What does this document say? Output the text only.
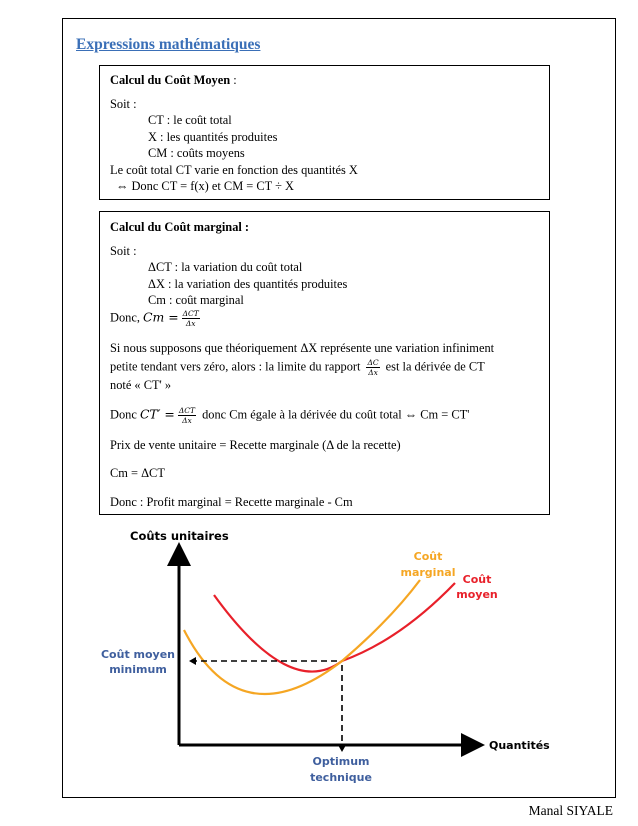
Expressions mathématiques
Calcul du Coût Moyen :
Soit :
CT : le coût total
X : les quantités produites
CM : coûts moyens
Le coût total CT varie en fonction des quantités X
⇔ Donc CT = f(x) et CM = CT ÷ X
Calcul du Coût marginal :
Soit :
ΔCT : la variation du coût total
ΔX : la variation des quantités produites
Cm : coût marginal
Donc, $Cm = \frac{\text{ΔCT}}{\Delta x}$
Si nous supposons que théoriquement ΔX représente une variation infiniment
petite tendant vers zéro, alors : la limite du rapport $\frac{\Delta C}{\Delta x}$ est la dérivée de CT
noté « CT' »
Donc $CT' = \frac{\text{ΔCT}}{\Delta x}$ donc Cm égale à la dérivée du coût total ⇔ Cm = CT'
Prix de vente unitaire = Recette marginale (Δ de la recette)
Cm = ΔCT
Donc : Profit marginal = Recette marginale - Cm
Coûts unitaires
Quantités
Coût
marginal
Coût
moyen
Coût moyen
minimum
Optimum
technique
Manal SIYALE
